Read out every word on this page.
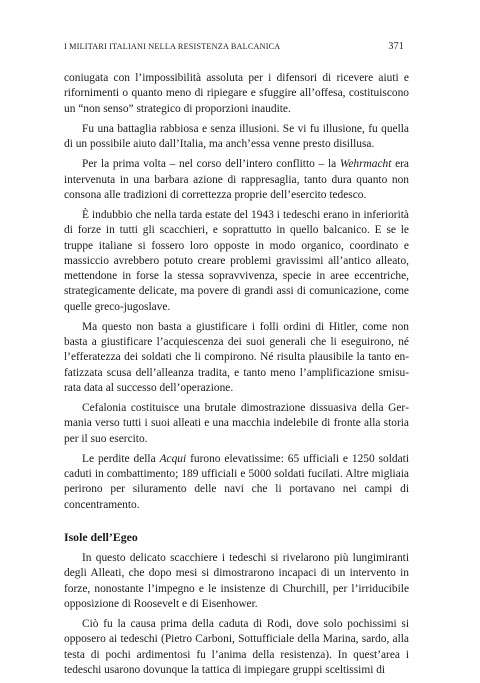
I MILITARI ITALIANI NELLA RESISTENZA BALCANICA	371

coniugata con l’impossibilità assoluta per i difensori di ricevere aiuti e rifornimenti o quanto meno di ripiegare e sfuggire all’offesa, costituiscono un “non senso” strategico di proporzioni inaudite.

Fu una battaglia rabbiosa e senza illusioni. Se vi fu illusione, fu quella di un possibile aiuto dall’Italia, ma anch’essa venne presto disillusa.

Per la prima volta – nel corso dell’intero conflitto – la Wehrmacht era intervenuta in una barbara azione di rappresaglia, tanto dura quanto non consona alle tradizioni di correttezza proprie dell’esercito tedesco.

È indubbio che nella tarda estate del 1943 i tedeschi erano in inferiorità di forze in tutti gli scacchieri, e soprattutto in quello balcanico. E se le truppe italiane si fossero loro opposte in modo organico, coordinato e massiccio avrebbero potuto creare problemi gravissimi all’antico alleato, mettendone in forse la stessa sopravvivenza, specie in aree eccentriche, strategicamente delicate, ma povere di grandi assi di comunicazione, come quelle greco-jugoslave.

Ma questo non basta a giustificare i folli ordini di Hitler, come non basta a giustificare l’acquiescenza dei suoi generali che li eseguirono, né l’efferatezza dei soldati che li compirono. Né risulta plausibile la tanto enfatizzata scusa dell’alleanza tradita, e tanto meno l’amplificazione smisurata data al successo dell’operazione.

Cefalonia costituisce una brutale dimostrazione dissuasiva della Germania verso tutti i suoi alleati e una macchia indelebile di fronte alla storia per il suo esercito.

Le perdite della Acqui furono elevatissime: 65 ufficiali e 1250 soldati caduti in combattimento; 189 ufficiali e 5000 soldati fucilati. Altre migliaia perirono per siluramento delle navi che li portavano nei campi di concentramento.

Isole dell’Egeo

In questo delicato scacchiere i tedeschi si rivelarono più lungimiranti degli Alleati, che dopo mesi si dimostrarono incapaci di un intervento in forze, nonostante l’impegno e le insistenze di Churchill, per l’irriducibile opposizione di Roosevelt e di Eisenhower.

Ciò fu la causa prima della caduta di Rodi, dove solo pochissimi si opposero ai tedeschi (Pietro Carboni, Sottufficiale della Marina, sardo, alla testa di pochi ardimentosi fu l’anima della resistenza). In quest’area i tedeschi usarono dovunque la tattica di impiegare gruppi sceltissimi di
